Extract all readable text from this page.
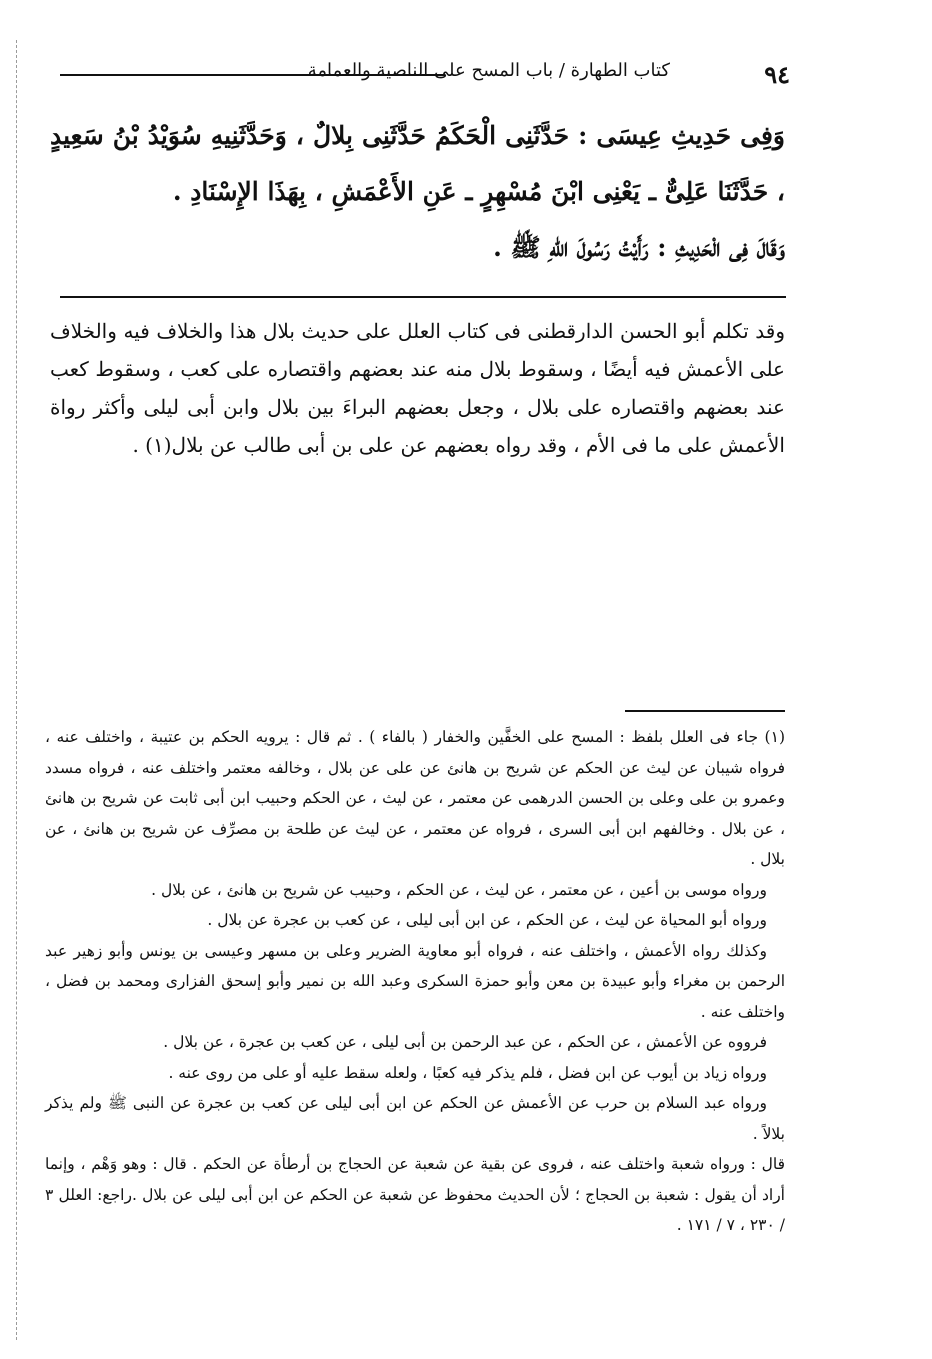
٩٤
كتاب الطهارة / باب المسح على الناصية والعمامة

وَفِى حَدِيثِ عِيسَى : حَدَّثَنِى الْحَكَمُ حَدَّثَنِى بِلالٌ ، وَحَدَّثَنِيهِ سُوَيْدُ بْنُ سَعِيدٍ ، حَدَّثَنَا عَلِىٌّ ـ يَعْنِى ابْنَ مُسْهِرٍ ـ عَنِ الأَعْمَشِ ، بِهَذَا الإِسْنَادِ .

وَقَالَ فِى الْحَدِيثِ : رَأَيْتُ رَسُولَ اللهِ ﷺ .

وقد تكلم أبو الحسن الدارقطنى فى كتاب العلل على حديث بلال هذا والخلاف فيه والخلاف على الأعمش فيه أيضًا ، وسقوط بلال منه عند بعضهم واقتصاره على كعب ، وسقوط كعب عند بعضهم واقتصاره على بلال ، وجعل بعضهم البراءَ بين بلال وابن أبى ليلى وأكثر رواة الأعمش على ما فى الأم ، وقد رواه بعضهم عن على بن أبى طالب عن بلال(١) .

(١) جاء فى العلل بلفظ : المسح على الخفَّين والخفار ( بالفاء ) . ثم قال : يرويه الحكم بن عتيبة ، واختلف عنه ، فرواه شيبان عن ليث عن الحكم عن شريح بن هانئ عن على عن بلال ، وخالفه معتمر واختلف عنه ، فرواه مسدد وعمرو بن على وعلى بن الحسن الدرهمى عن معتمر ، عن ليث ، عن الحكم وحبيب ابن أبى ثابت عن شريح بن هانئ ، عن بلال . وخالفهم ابن أبى السرى ، فرواه عن معتمر ، عن ليث عن طلحة بن مصرِّف عن شريح بن هانئ ، عن بلال .

ورواه موسى بن أعين ، عن معتمر ، عن ليث ، عن الحكم ، وحبيب عن شريح بن هانئ ، عن بلال .

ورواه أبو المحياة عن ليث ، عن الحكم ، عن ابن أبى ليلى ، عن كعب بن عجرة عن بلال .

وكذلك رواه الأعمش ، واختلف عنه ، فرواه أبو معاوية الضرير وعلى بن مسهر وعيسى بن يونس وأبو زهير عبد الرحمن بن مغراء وأبو عبيدة بن معن وأبو حمزة السكرى وعبد الله بن نمير وأبو إسحق الفزارى ومحمد بن فضل ، واختلف عنه .

فرووه عن الأعمش ، عن الحكم ، عن عبد الرحمن بن أبى ليلى ، عن كعب بن عجرة ، عن بلال .

ورواه زياد بن أيوب عن ابن فضل ، فلم يذكر فيه كعبًا ، ولعله سقط عليه أو على من روى عنه .

ورواه عبد السلام بن حرب عن الأعمش عن الحكم عن ابن أبى ليلى عن كعب بن عجرة عن النبى ﷺ ولم يذكر بلالاً .

قال : ورواه شعبة واختلف عنه ، فروى عن بقية عن شعبة عن الحجاج بن أرطأة عن الحكم . قال : وهو وَهْم ، وإنما أراد أن يقول : شعبة بن الحجاج ؛ لأن الحديث محفوظ عن شعبة عن الحكم عن ابن أبى ليلى عن بلال .راجع: العلل ٣ / ٢٣٠ ، ٧ / ١٧١ .
